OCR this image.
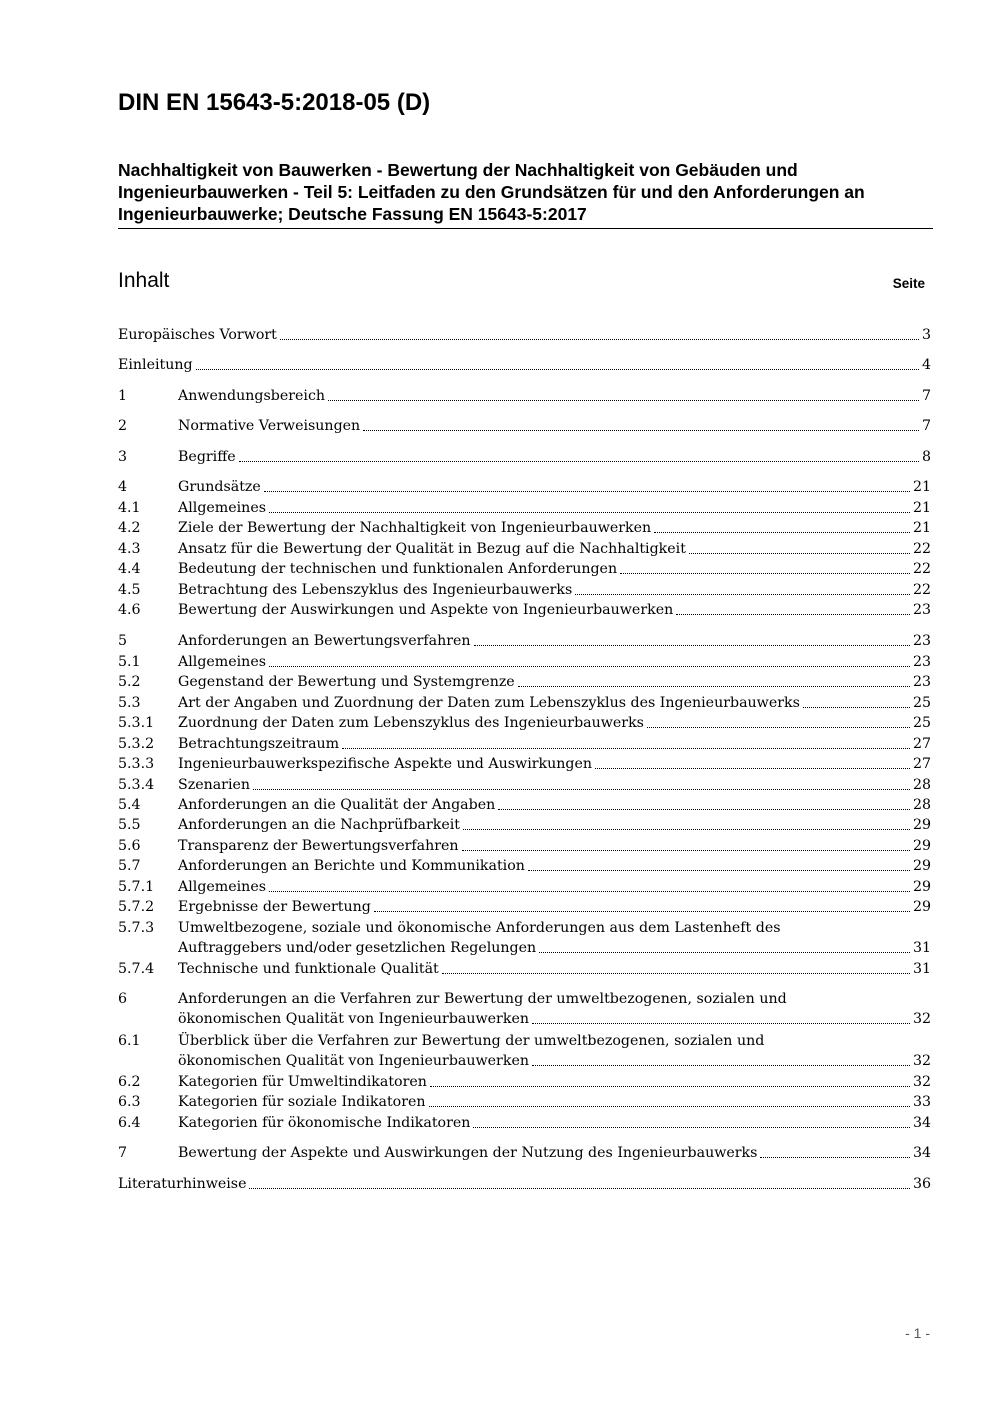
DIN EN 15643-5:2018-05 (D)
Nachhaltigkeit von Bauwerken - Bewertung der Nachhaltigkeit von Gebäuden und Ingenieurbauwerken - Teil 5: Leitfaden zu den Grundsätzen für und den Anforderungen an Ingenieurbauwerke; Deutsche Fassung EN 15643-5:2017
Inhalt	Seite
Europäisches Vorwort	3
Einleitung	4
1	Anwendungsbereich	7
2	Normative Verweisungen	7
3	Begriffe	8
4	Grundsätze	21
4.1	Allgemeines	21
4.2	Ziele der Bewertung der Nachhaltigkeit von Ingenieurbauwerken	21
4.3	Ansatz für die Bewertung der Qualität in Bezug auf die Nachhaltigkeit	22
4.4	Bedeutung der technischen und funktionalen Anforderungen	22
4.5	Betrachtung des Lebenszyklus des Ingenieurbauwerks	22
4.6	Bewertung der Auswirkungen und Aspekte von Ingenieurbauwerken	23
5	Anforderungen an Bewertungsverfahren	23
5.1	Allgemeines	23
5.2	Gegenstand der Bewertung und Systemgrenze	23
5.3	Art der Angaben und Zuordnung der Daten zum Lebenszyklus des Ingenieurbauwerks	25
5.3.1	Zuordnung der Daten zum Lebenszyklus des Ingenieurbauwerks	25
5.3.2	Betrachtungszeitraum	27
5.3.3	Ingenieurbauwerkspezifische Aspekte und Auswirkungen	27
5.3.4	Szenarien	28
5.4	Anforderungen an die Qualität der Angaben	28
5.5	Anforderungen an die Nachprüfbarkeit	29
5.6	Transparenz der Bewertungsverfahren	29
5.7	Anforderungen an Berichte und Kommunikation	29
5.7.1	Allgemeines	29
5.7.2	Ergebnisse der Bewertung	29
5.7.3	Umweltbezogene, soziale und ökonomische Anforderungen aus dem Lastenheft des
Auftraggebers und/oder gesetzlichen Regelungen	31
5.7.4	Technische und funktionale Qualität	31
6	Anforderungen an die Verfahren zur Bewertung der umweltbezogenen, sozialen und
ökonomischen Qualität von Ingenieurbauwerken	32
6.1	Überblick über die Verfahren zur Bewertung der umweltbezogenen, sozialen und
ökonomischen Qualität von Ingenieurbauwerken	32
6.2	Kategorien für Umweltindikatoren	32
6.3	Kategorien für soziale Indikatoren	33
6.4	Kategorien für ökonomische Indikatoren	34
7	Bewertung der Aspekte und Auswirkungen der Nutzung des Ingenieurbauwerks	34
Literaturhinweise	36
- 1 -
